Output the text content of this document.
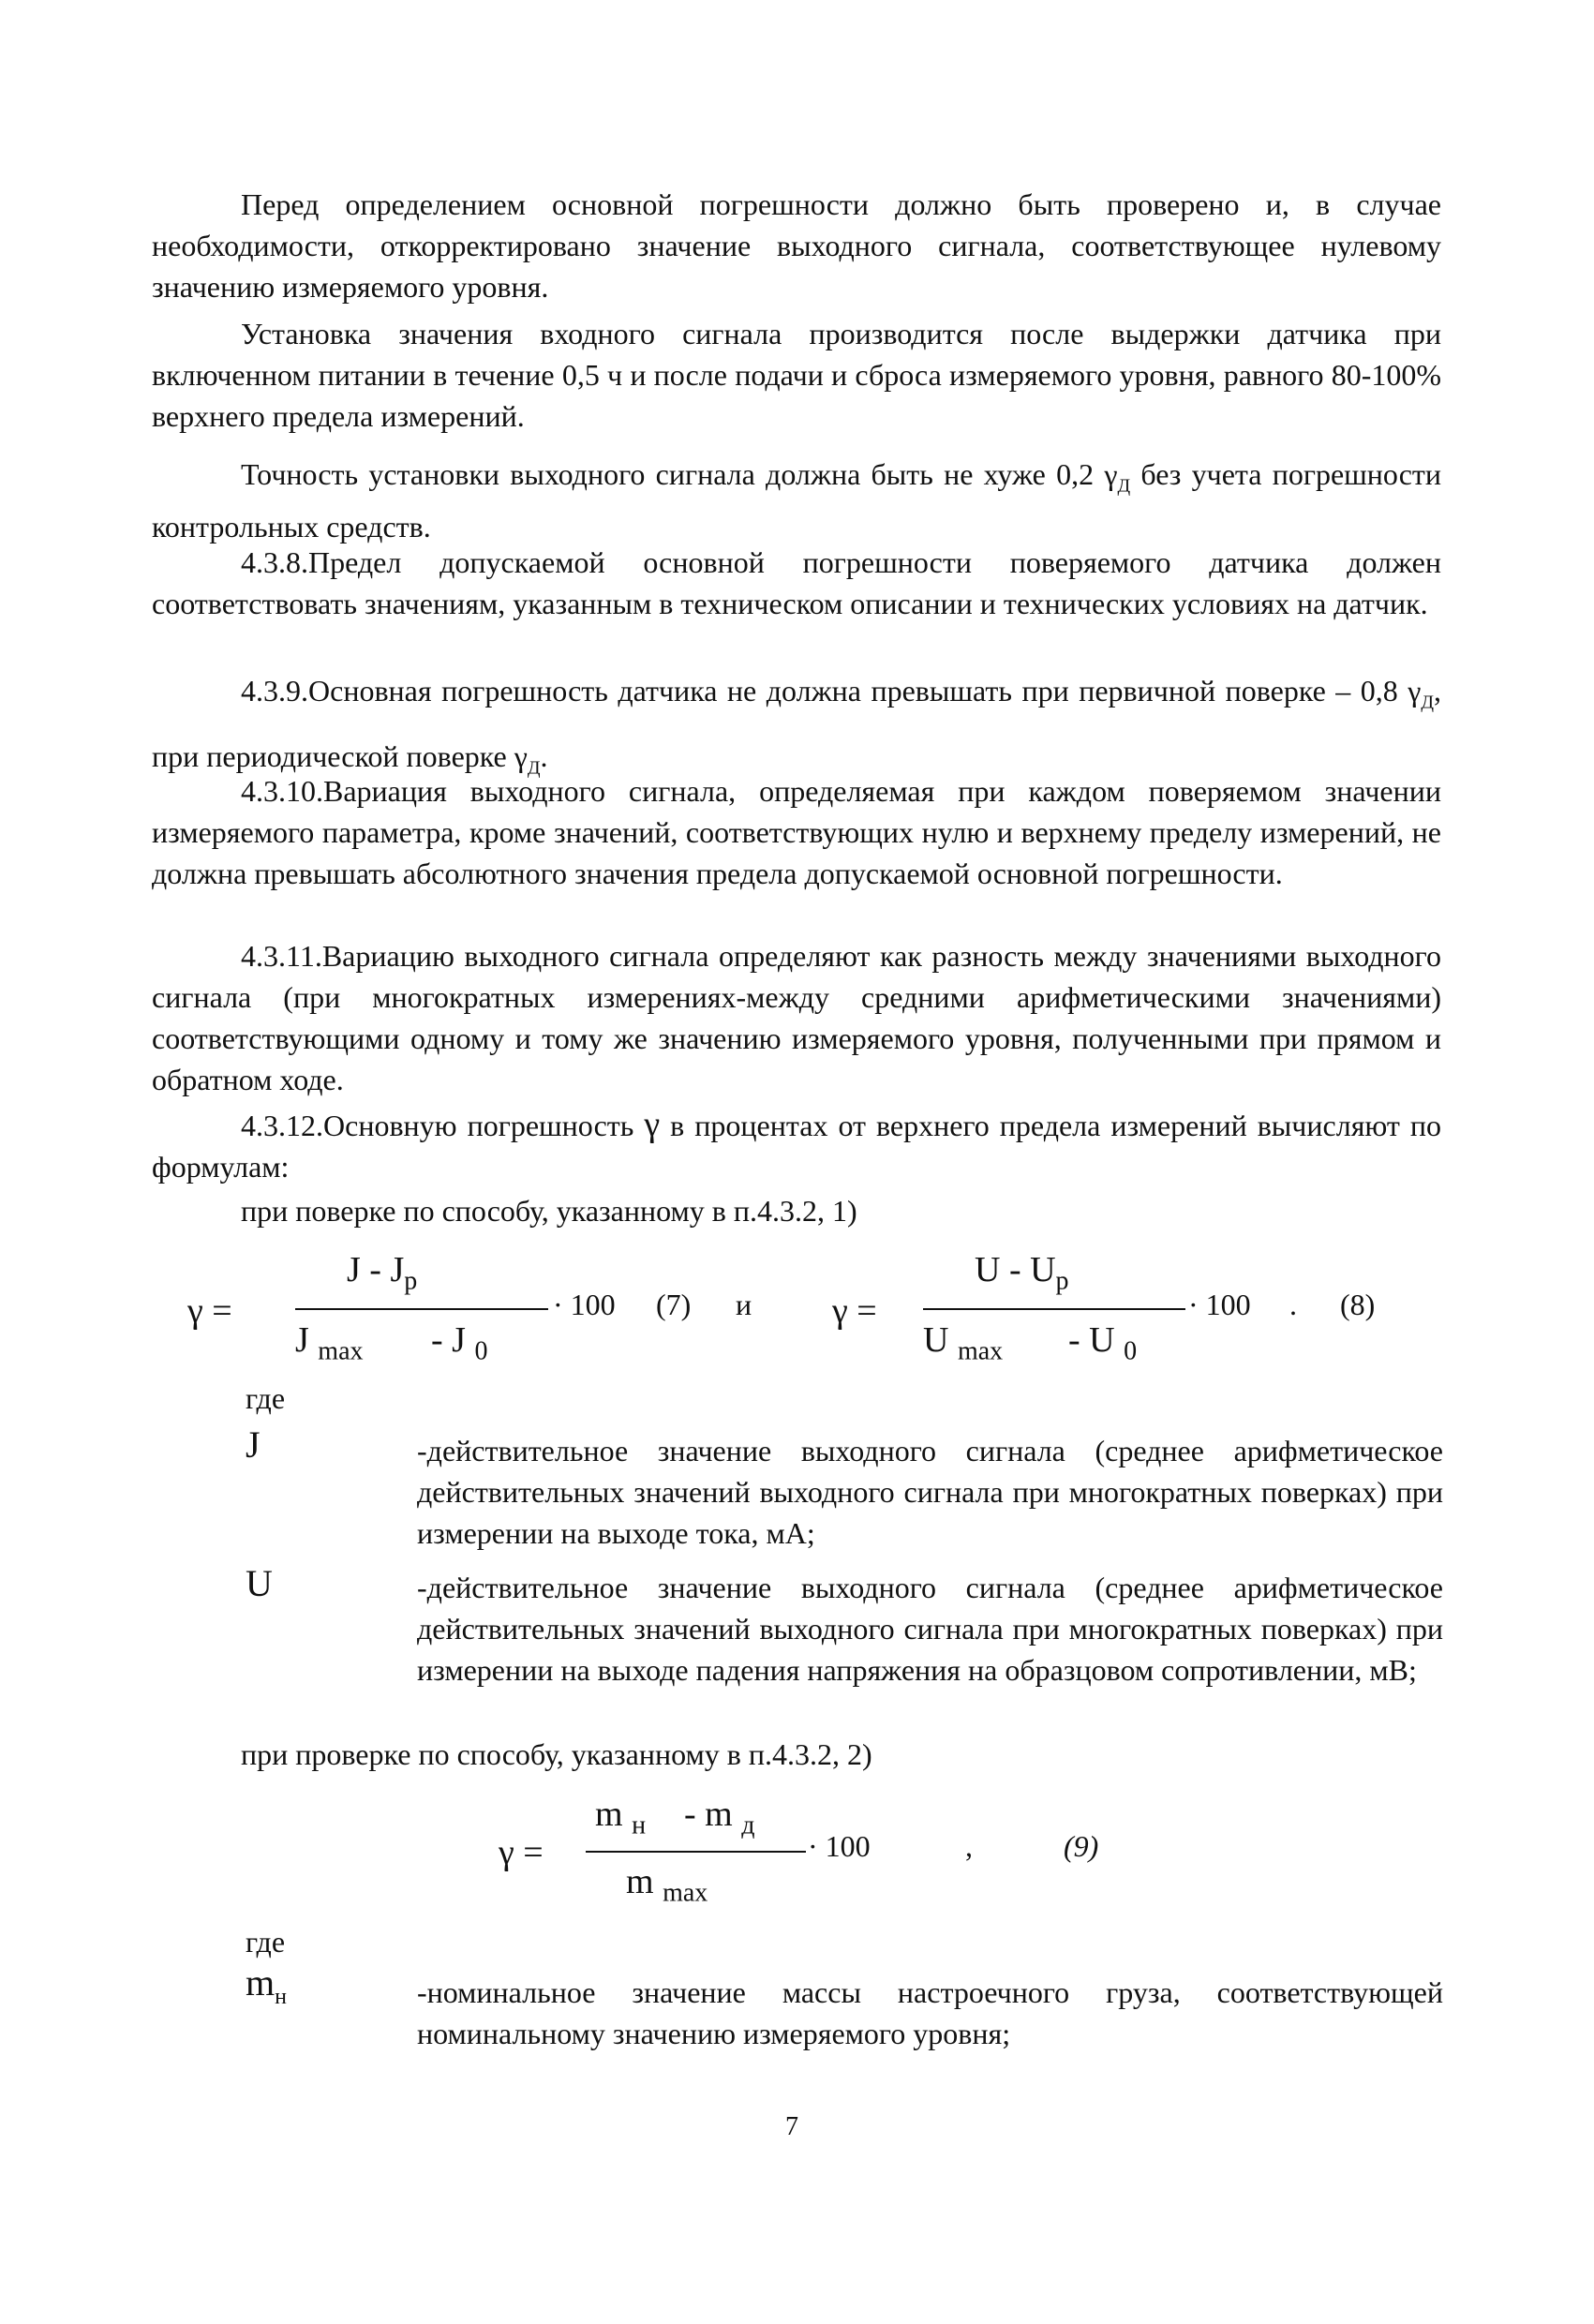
Перед определением основной погрешности должно быть проверено и, в случае необходимости, откорректировано значение выходного сигнала, соответствующее нулевому значению измеряемого уровня.

Установка значения входного сигнала производится после выдержки датчика при включенном питании в течение 0,5 ч и после подачи и сброса измеряемого уровня, равного 80-100% верхнего предела измерений.

Точность установки выходного сигнала должна быть не хуже 0,2 $\gamma_Д$ без учета погрешности контрольных средств.

4.3.8.Предел допускаемой основной погрешности поверяемого датчика должен соответствовать значениям, указанным в техническом описании и технических условиях на датчик.

4.3.9.Основная погрешность датчика не должна превышать при первичной поверке – 0,8 $\gamma_Д$, при периодической поверке $\gamma_Д$.

4.3.10.Вариация выходного сигнала, определяемая при каждом поверяемом значении измеряемого параметра, кроме значений, соответствующих нулю и верхнему пределу измерений, не должна превышать абсолютного значения предела допускаемой основной погрешности.

4.3.11.Вариацию выходного сигнала определяют как разность между значениями выходного сигнала (при многократных измерениях-между средними арифметическими значениями) соответствующими одному и тому же значению измеряемого уровня, полученными при прямом и обратном ходе.

4.3.12.Основную погрешность γ в процентах от верхнего предела измерений вычисляют по формулам:

при поверке по способу, указанному в п.4.3.2, 1)

γ =
J - $J_p$
J $_{max}$ - J $_0$
· 100 (7) и γ =
U - $U_p$
U $_{max}$ - U $_0$
· 100 . (8)

где

J	-действительное значение выходного сигнала (среднее арифметическое действительных значений выходного сигнала при многократных поверках) при измерении на выходе тока, мА;

U	-действительное значение выходного сигнала (среднее арифметическое действительных значений выходного сигнала при многократных поверках) при измерении на выходе падения напряжения на образцовом сопротивлении, мВ;

при проверке по способу, указанному в п.4.3.2, 2)

γ =
m $_н$ - m $_д$
m $_{max}$
· 100	,	(9)

где

$m_н$	-номинальное значение массы настроечного груза, соответствующей номинальному значению измеряемого уровня;

7
